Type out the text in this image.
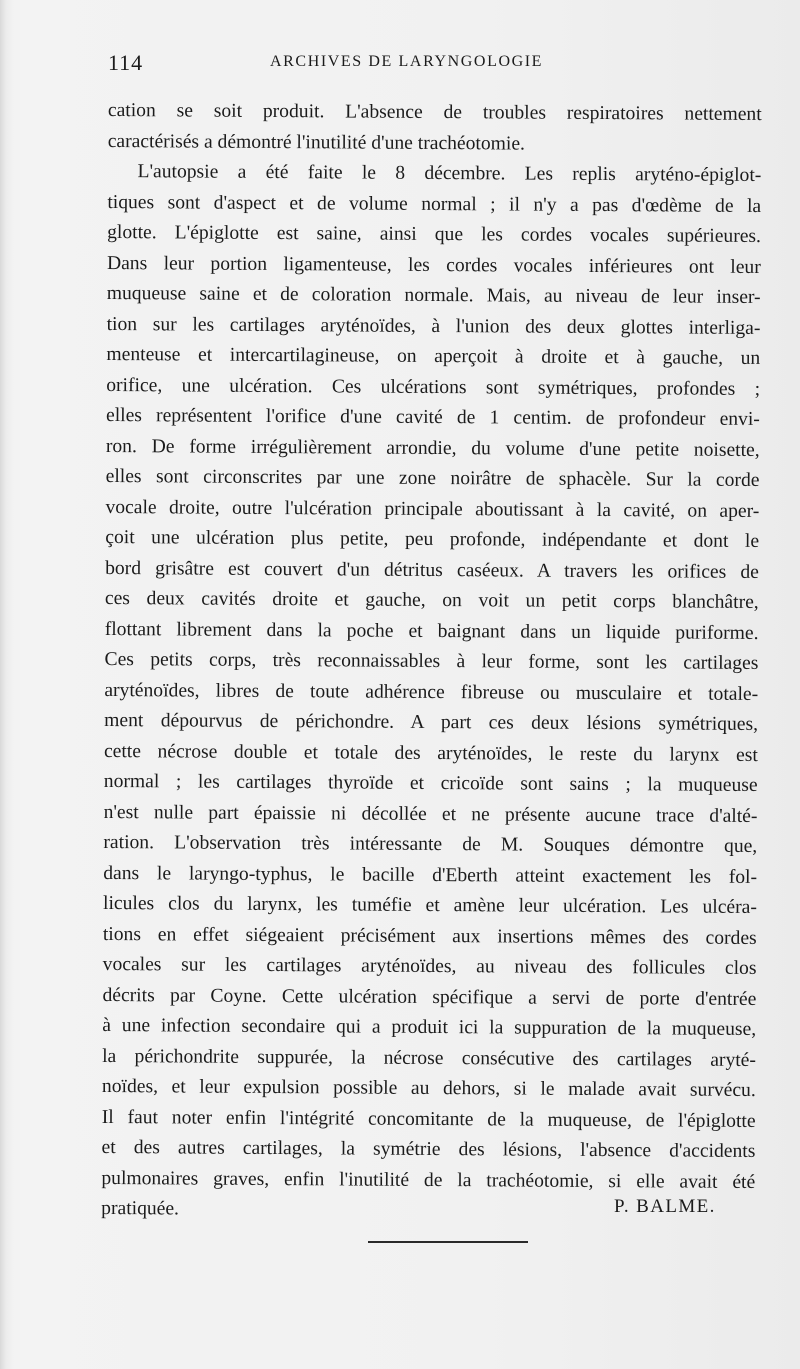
114	ARCHIVES DE LARYNGOLOGIE

cation se soit produit. L'absence de troubles respiratoires nettement
caractérisés a démontré l'inutilité d'une trachéotomie.
L'autopsie a été faite le 8 décembre. Les replis aryténo-épiglot-
tiques sont d'aspect et de volume normal ; il n'y a pas d'œdème de la
glotte. L'épiglotte est saine, ainsi que les cordes vocales supérieures.
Dans leur portion ligamenteuse, les cordes vocales inférieures ont leur
muqueuse saine et de coloration normale. Mais, au niveau de leur inser-
tion sur les cartilages aryténoïdes, à l'union des deux glottes interliga-
menteuse et intercartilagineuse, on aperçoit à droite et à gauche, un
orifice, une ulcération. Ces ulcérations sont symétriques, profondes ;
elles représentent l'orifice d'une cavité de 1 centim. de profondeur envi-
ron. De forme irrégulièrement arrondie, du volume d'une petite noisette,
elles sont circonscrites par une zone noirâtre de sphacèle. Sur la corde
vocale droite, outre l'ulcération principale aboutissant à la cavité, on aper-
çoit une ulcération plus petite, peu profonde, indépendante et dont le
bord grisâtre est couvert d'un détritus caséeux. A travers les orifices de
ces deux cavités droite et gauche, on voit un petit corps blanchâtre,
flottant librement dans la poche et baignant dans un liquide puriforme.
Ces petits corps, très reconnaissables à leur forme, sont les cartilages
aryténoïdes, libres de toute adhérence fibreuse ou musculaire et totale-
ment dépourvus de périchondre. A part ces deux lésions symétriques,
cette nécrose double et totale des aryténoïdes, le reste du larynx est
normal ; les cartilages thyroïde et cricoïde sont sains ; la muqueuse
n'est nulle part épaissie ni décollée et ne présente aucune trace d'alté-
ration. L'observation très intéressante de M. Souques démontre que,
dans le laryngo-typhus, le bacille d'Eberth atteint exactement les fol-
licules clos du larynx, les tuméfie et amène leur ulcération. Les ulcéra-
tions en effet siégeaient précisément aux insertions mêmes des cordes
vocales sur les cartilages aryténoïdes, au niveau des follicules clos
décrits par Coyne. Cette ulcération spécifique a servi de porte d'entrée
à une infection secondaire qui a produit ici la suppuration de la muqueuse,
la périchondrite suppurée, la nécrose consécutive des cartilages aryté-
noïdes, et leur expulsion possible au dehors, si le malade avait survécu.
Il faut noter enfin l'intégrité concomitante de la muqueuse, de l'épiglotte
et des autres cartilages, la symétrie des lésions, l'absence d'accidents
pulmonaires graves, enfin l'inutilité de la trachéotomie, si elle avait été
pratiquée.	P. BALME.
